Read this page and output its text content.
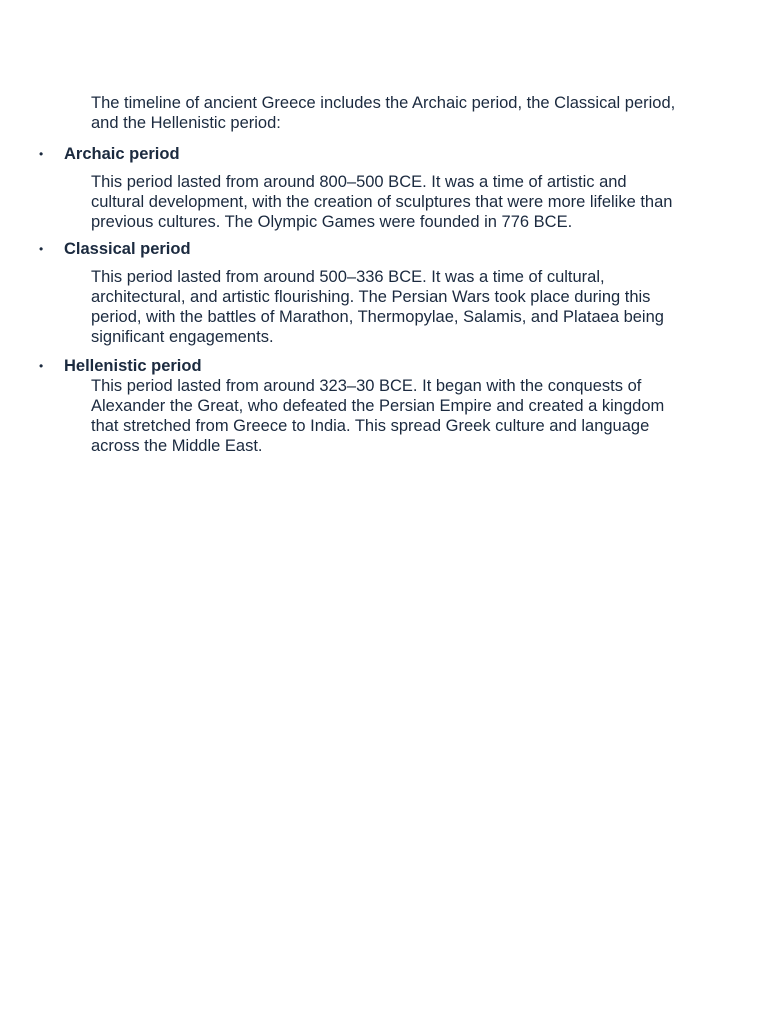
The timeline of ancient Greece includes the Archaic period, the Classical period, and the Hellenistic period:

• Archaic period

This period lasted from around 800–500 BCE. It was a time of artistic and cultural development, with the creation of sculptures that were more lifelike than previous cultures. The Olympic Games were founded in 776 BCE.

• Classical period

This period lasted from around 500–336 BCE. It was a time of cultural, architectural, and artistic flourishing. The Persian Wars took place during this period, with the battles of Marathon, Thermopylae, Salamis, and Plataea being significant engagements.

• Hellenistic period

This period lasted from around 323–30 BCE. It began with the conquests of Alexander the Great, who defeated the Persian Empire and created a kingdom that stretched from Greece to India. This spread Greek culture and language across the Middle East.
